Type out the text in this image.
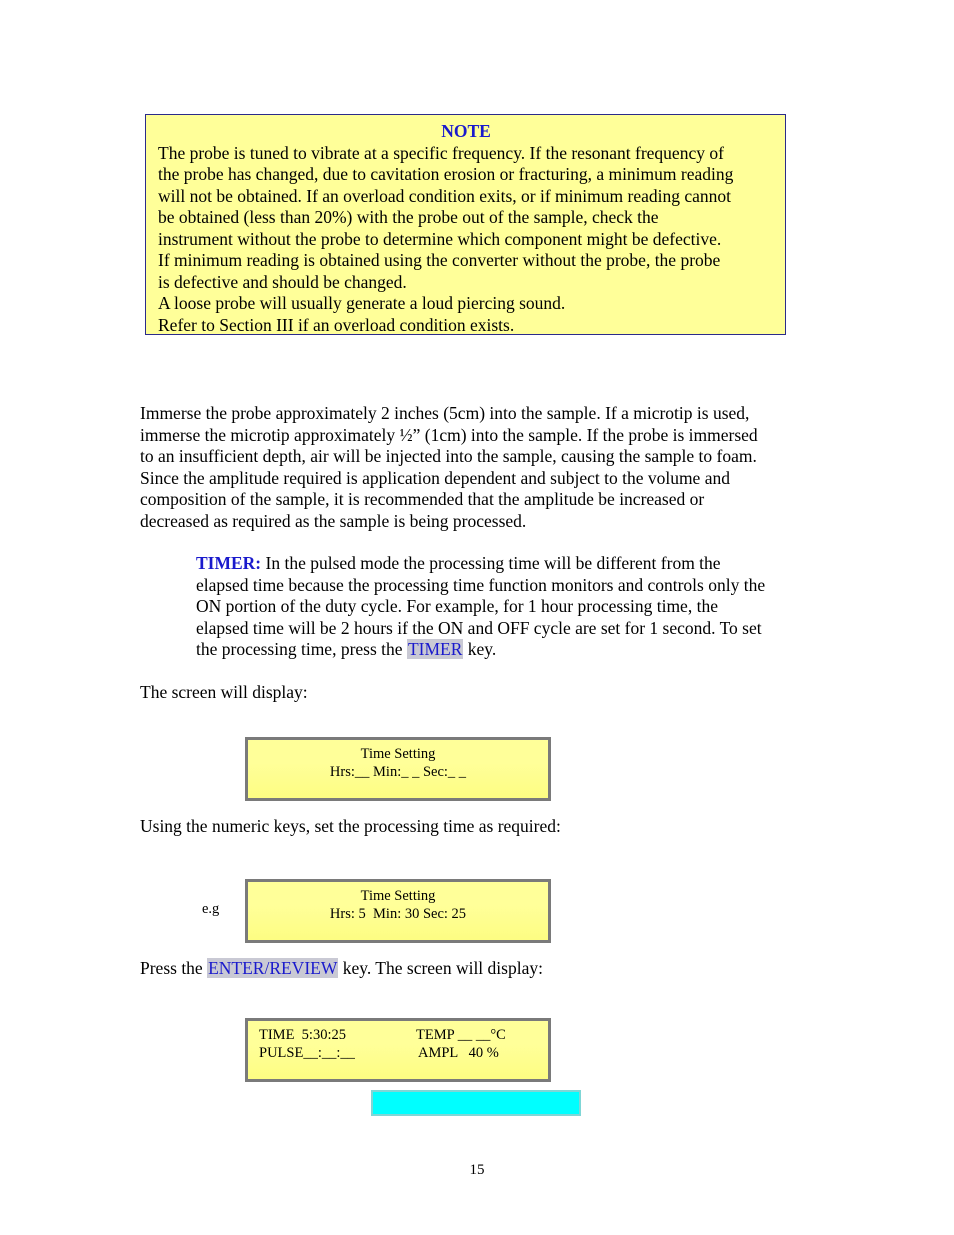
NOTE
The probe is tuned to vibrate at a specific frequency. If the resonant frequency of
the probe has changed, due to cavitation erosion or fracturing, a minimum reading
will not be obtained. If an overload condition exits, or if minimum reading cannot
be obtained (less than 20%) with the probe out of the sample, check the
instrument without the probe to determine which component might be defective.
If minimum reading is obtained using the converter without the probe, the probe
is defective and should be changed.
A loose probe will usually generate a loud piercing sound.
Refer to Section III if an overload condition exists.
Immerse the probe approximately 2 inches (5cm) into the sample. If a microtip is used,
immerse the microtip approximately ½” (1cm) into the sample. If the probe is immersed
to an insufficient depth, air will be injected into the sample, causing the sample to foam.
Since the amplitude required is application dependent and subject to the volume and
composition of the sample, it is recommended that the amplitude be increased or
decreased as required as the sample is being processed.
TIMER: In the pulsed mode the processing time will be different from the
elapsed time because the processing time function monitors and controls only the
ON portion of the duty cycle. For example, for 1 hour processing time, the
elapsed time will be 2 hours if the ON and OFF cycle are set for 1 second. To set
the processing time, press the TIMER key.
The screen will display:
Time Setting
Hrs:__ Min:_ _ Sec:_ _
Using the numeric keys, set the processing time as required:
e.g
Time Setting
Hrs: 5  Min: 30 Sec: 25
Press the ENTER/REVIEW key. The screen will display:
TIME  5:30:25	TEMP __ __°C
PULSE__:__:__	AMPL   40 %
15
